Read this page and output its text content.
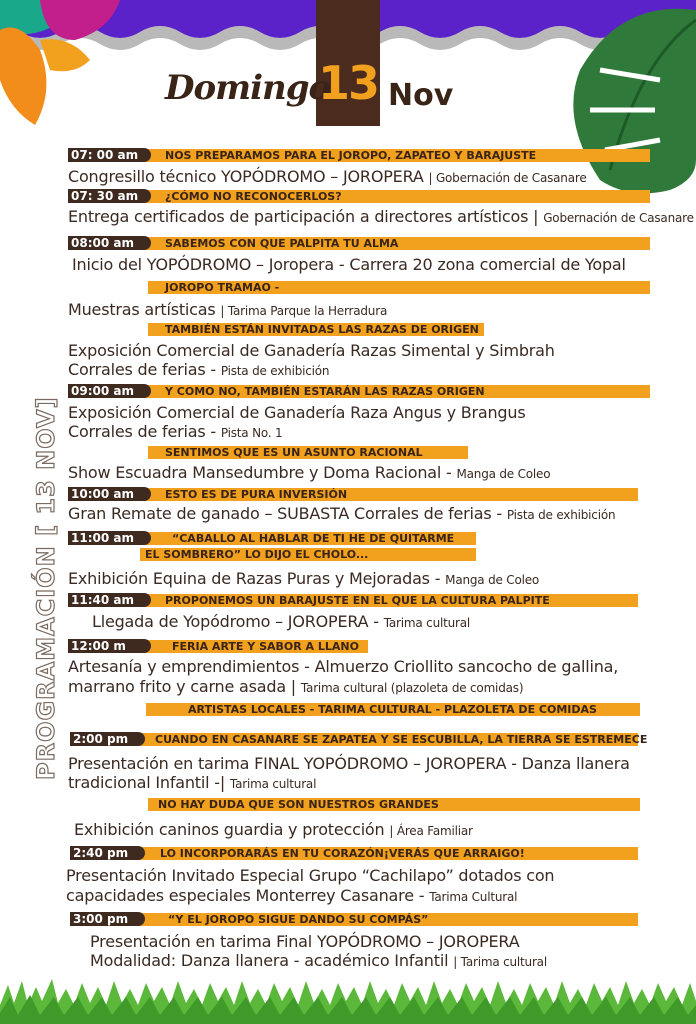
Domingo
13 Nov
PROGRAMACIÓN [ 13 NOV]
07: 00 am	NOS PREPARAMOS PARA EL JOROPO, ZAPATEO Y BARAJUSTE
Congresillo técnico YOPÓDROMO – JOROPERA | Gobernación de Casanare
07: 30 am	¿CÓMO NO RECONOCERLOS?
Entrega certificados de participación a directores artísticos | Gobernación de Casanare
08:00 am	SABEMOS CON QUE PALPITA TU ALMA
Inicio del YOPÓDROMO – Joropera - Carrera 20 zona comercial de Yopal
JOROPO TRAMAO -
Muestras artísticas | Tarima Parque la Herradura
TAMBIÉN ESTÁN INVITADAS LAS RAZAS DE ORIGEN
Exposición Comercial de Ganadería Razas Simental y Simbrah
Corrales de ferias - Pista de exhibición
09:00 am	Y COMO NO, TAMBIÉN ESTARÁN LAS RAZAS ORIGEN
Exposición Comercial de Ganadería Raza Angus y Brangus
Corrales de ferias - Pista No. 1
SENTIMOS QUE ES UN ASUNTO RACIONAL
Show Escuadra Mansedumbre y Doma Racional - Manga de Coleo
10:00 am	ESTO ES DE PURA INVERSIÓN
Gran Remate de ganado – SUBASTA Corrales de ferias - Pista de exhibición
11:00 am	“CABALLO AL HABLAR DE TI HE DE QUITARME
EL SOMBRERO” LO DIJO EL CHOLO...
Exhibición Equina de Razas Puras y Mejoradas - Manga de Coleo
11:40 am	PROPONEMOS UN BARAJUSTE EN EL QUE LA CULTURA PALPITE
Llegada de Yopódromo – JOROPERA - Tarima cultural
12:00 m	FERIA ARTE Y SABOR A LLANO
Artesanía y emprendimientos - Almuerzo Criollito sancocho de gallina,
marrano frito y carne asada | Tarima cultural (plazoleta de comidas)
ARTISTAS LOCALES - TARIMA CULTURAL - PLAZOLETA DE COMIDAS
2:00 pm	CUANDO EN CASANARE SE ZAPATEA Y SE ESCUBILLA, LA TIERRA SE ESTREMECE
Presentación en tarima FINAL YOPÓDROMO – JOROPERA - Danza llanera
tradicional Infantil -| Tarima cultural
NO HAY DUDA QUE SON NUESTROS GRANDES
Exhibición caninos guardia y protección | Área Familiar
2:40 pm	LO INCORPORARÁS EN TU CORAZÓN¡VERÁS QUE ARRAIGO!
Presentación Invitado Especial Grupo “Cachilapo” dotados con
capacidades especiales Monterrey Casanare - Tarima Cultural
3:00 pm	“Y EL JOROPO SIGUE DANDO SU COMPÁS”
Presentación en tarima Final YOPÓDROMO – JOROPERA
Modalidad: Danza llanera - académico Infantil | Tarima cultural
